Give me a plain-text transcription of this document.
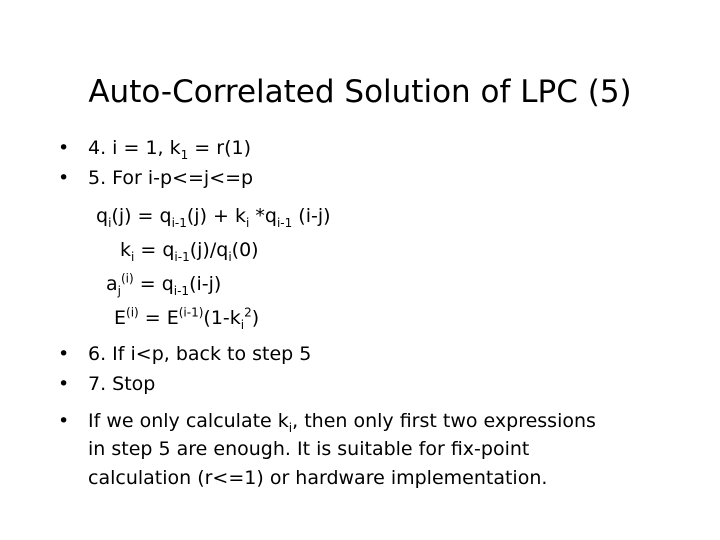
Auto-Correlated Solution of LPC (5)
•
•
•
•
•
4. i = 1, $k_1 = r(1)$
5. For i-p<=j<=p
$q_i(j) = q_{i-1}(j) + k_i$ $*q_{i-1}$ (i-j)
$k_i = q_{i-1}(j)/q_i(0)$
$a_j^{(i)} = q_{i-1}(i-j)$
$E^{(i)} = E^{(i-1)}(1-k_i^2)$
6. If i<p, back to step 5
7. Stop
If we only calculate $k_i$, then only first two expressions
in step 5 are enough. It is suitable for fix-point
calculation (r<=1) or hardware implementation.
